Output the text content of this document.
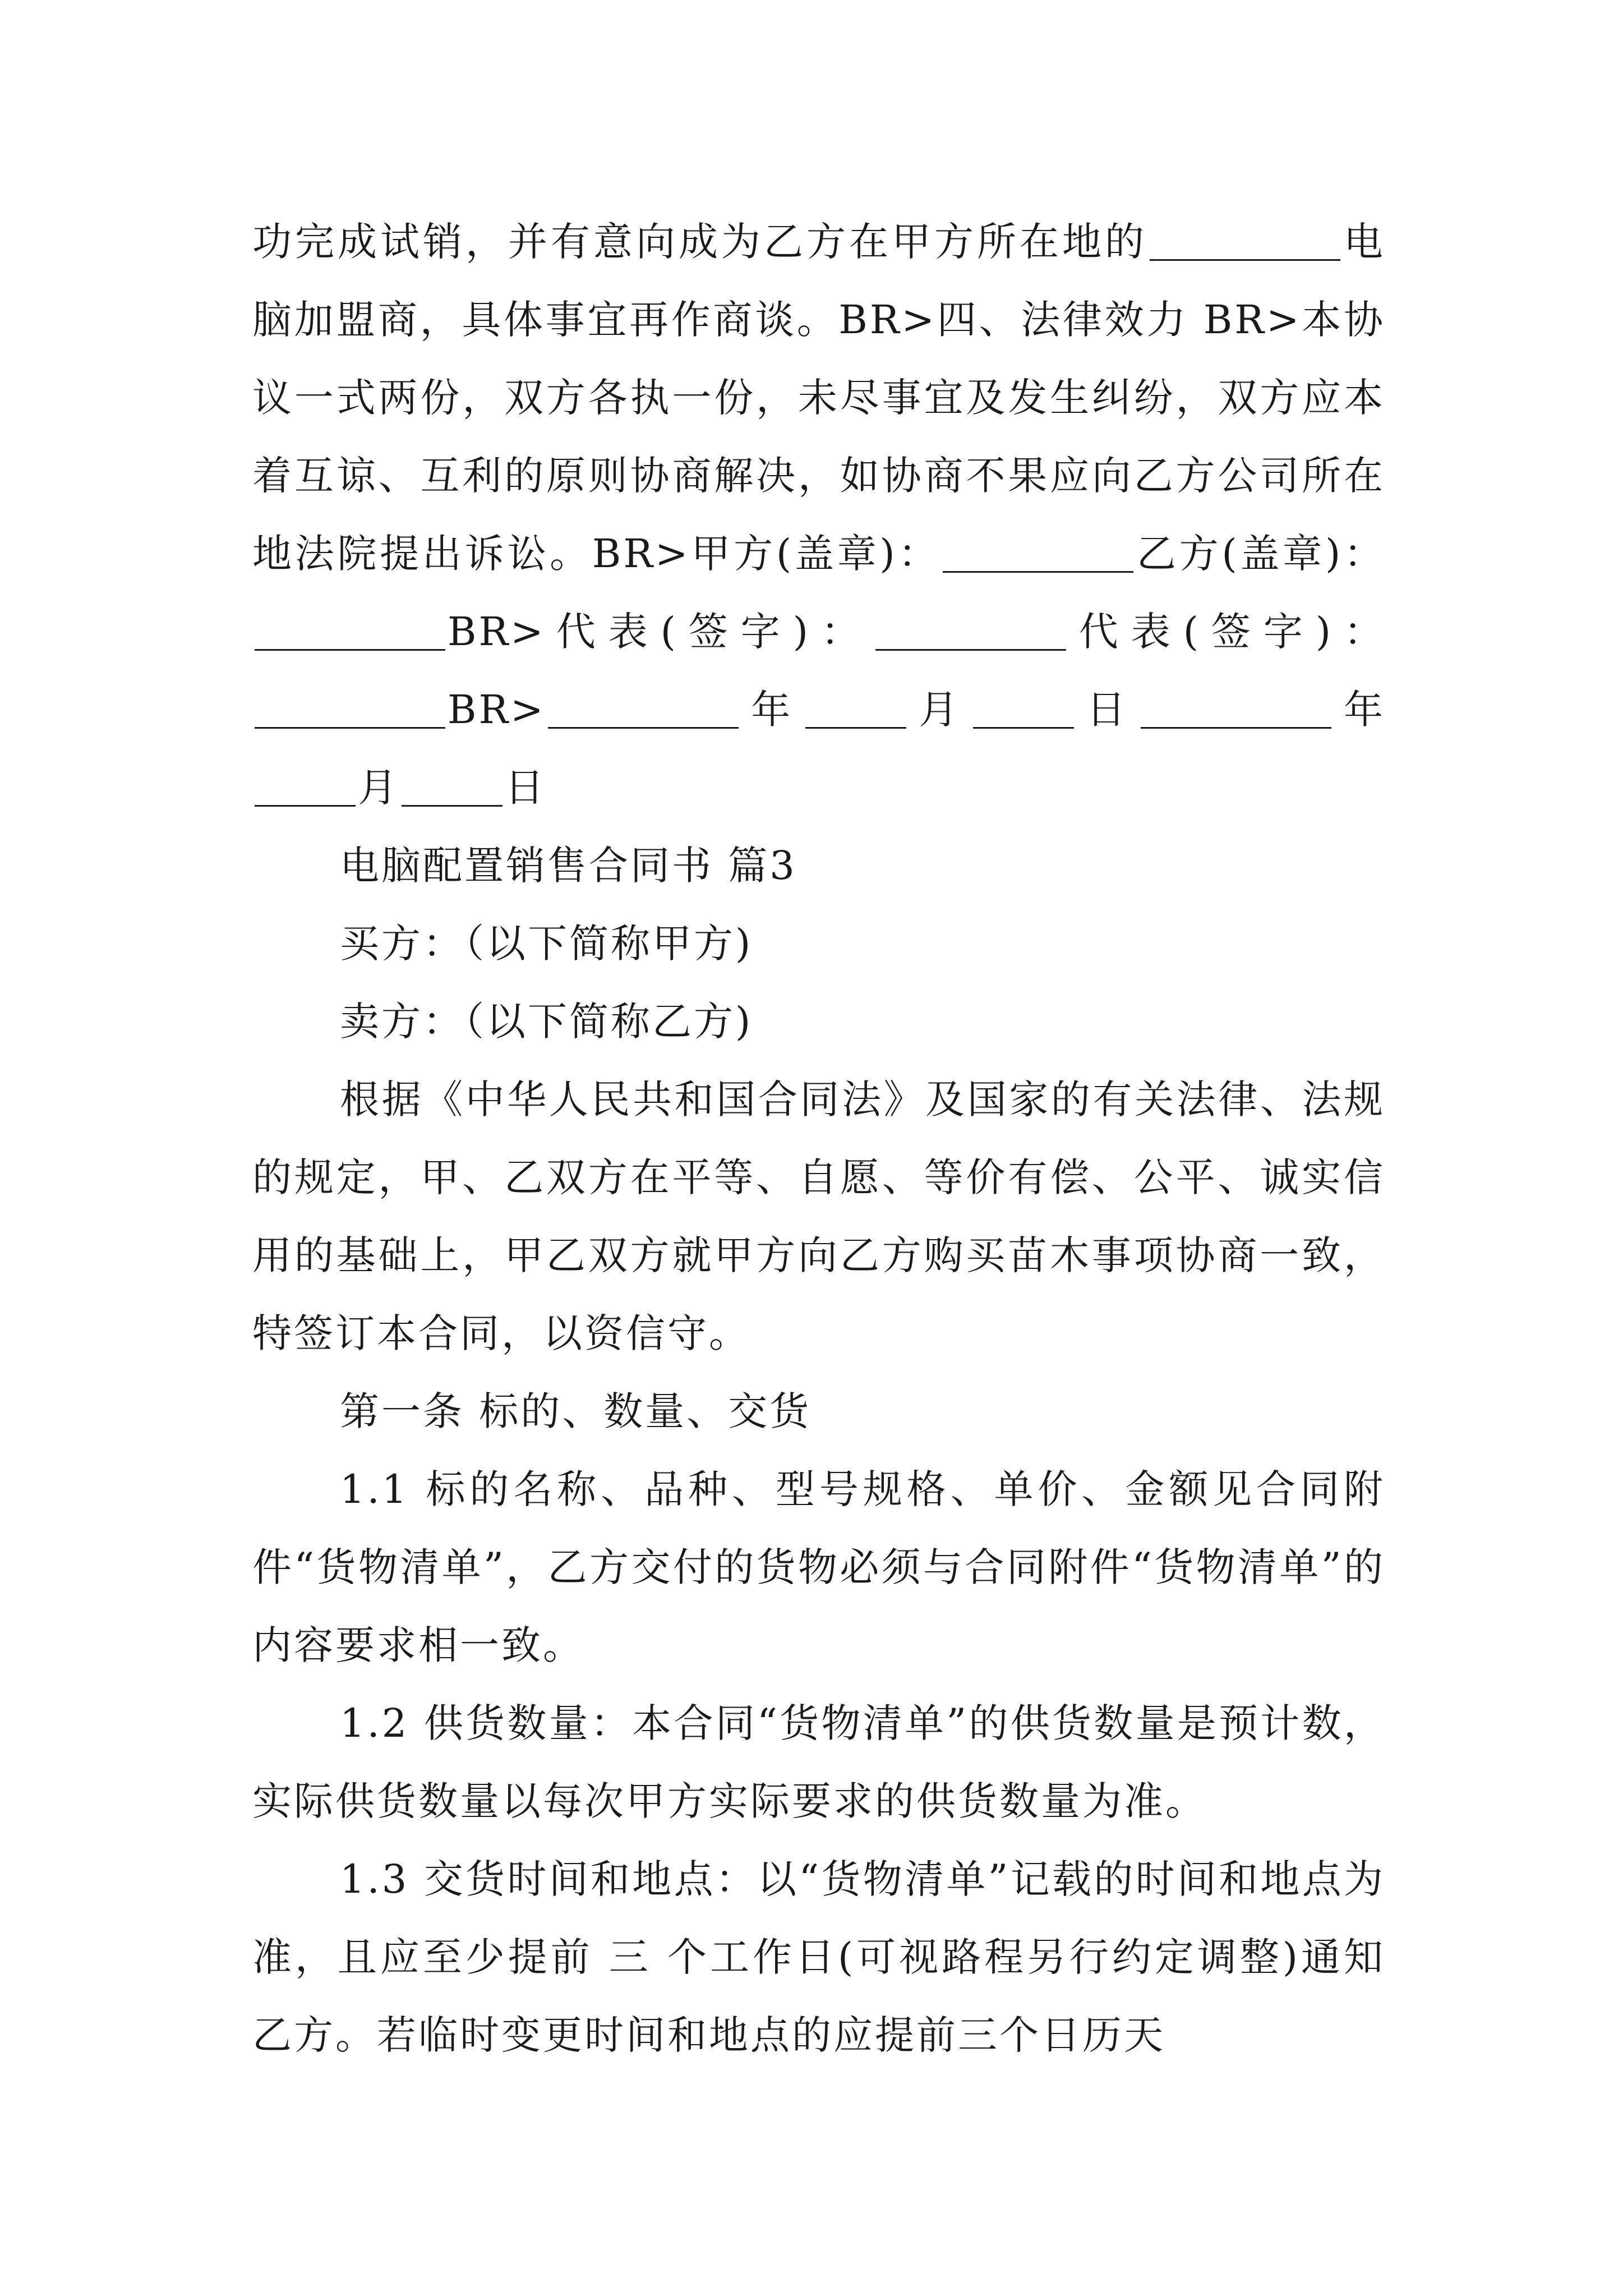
功完成试销，并有意向成为乙方在甲方所在地的	电脑加盟商，具体事宜再作商谈。BR>四、法律效力 BR>本协议一式两份，双方各执一份，未尽事宜及发生纠纷，双方应本着互谅、互利的原则协商解决，如协商不果应向乙方公司所在地法院提出诉讼。BR>甲方(盖章)：	乙方(盖章)：BR>代表(签字)：	代表(签字)：BR>	年	月	日	年月	日

电脑配置销售合同书 篇3

买方：（以下简称甲方)

卖方：（以下简称乙方)

根据《中华人民共和国合同法》及国家的有关法律、法规的规定，甲、乙双方在平等、自愿、等价有偿、公平、诚实信用的基础上，甲乙双方就甲方向乙方购买苗木事项协商一致，特签订本合同，以资信守。

第一条 标的、数量、交货

1.1 标的名称、品种、型号规格、单价、金额见合同附件“货物清单”，乙方交付的货物必须与合同附件“货物清单”的内容要求相一致。

1.2 供货数量：本合同“货物清单”的供货数量是预计数，实际供货数量以每次甲方实际要求的供货数量为准。

1.3 交货时间和地点：以“货物清单”记载的时间和地点为准，且应至少提前 三 个工作日(可视路程另行约定调整)通知乙方。若临时变更时间和地点的应提前三个日历天
